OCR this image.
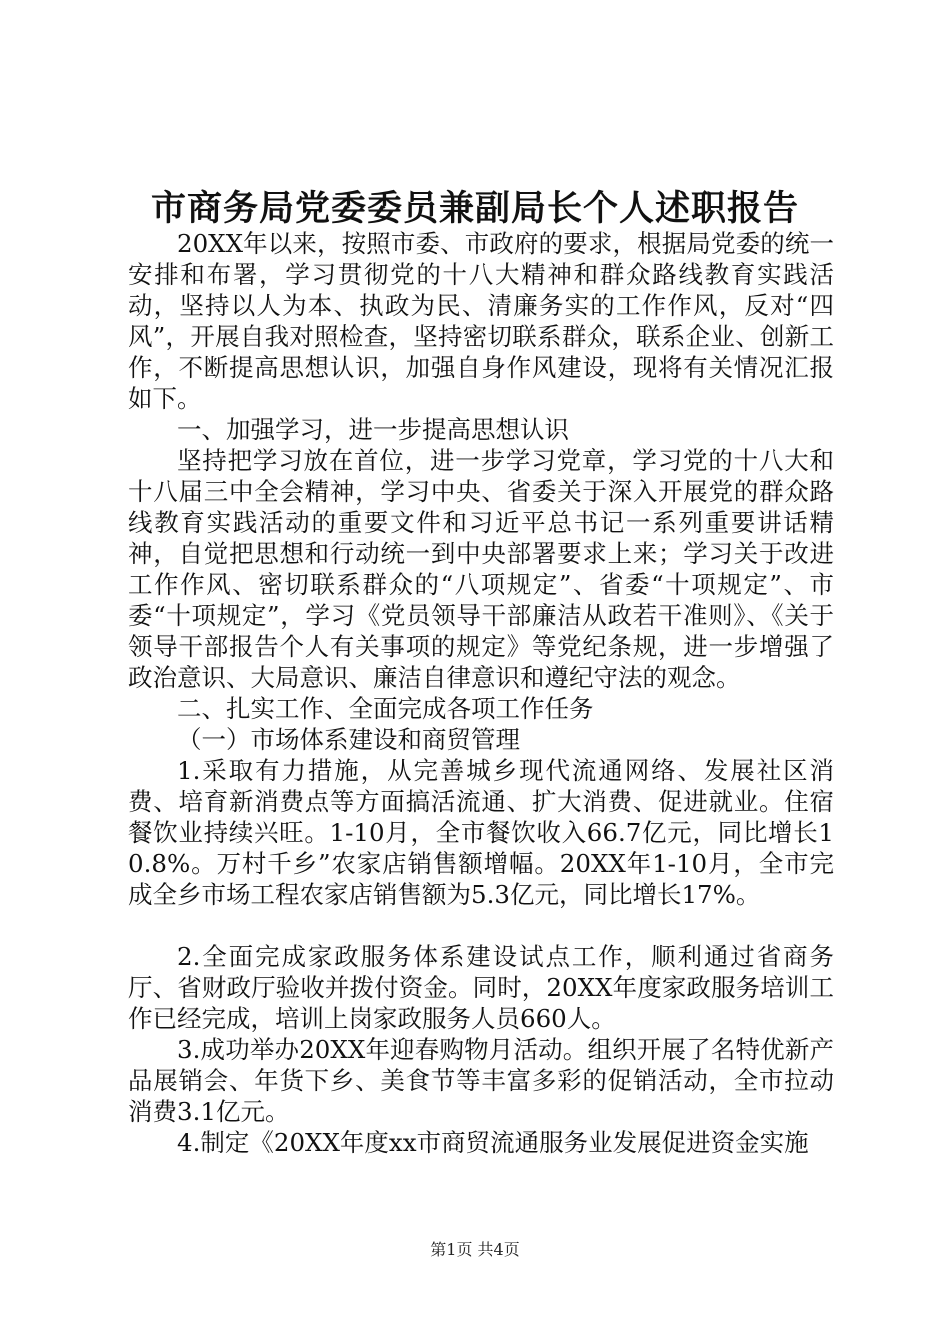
市商务局党委委员兼副局长个人述职报告

20XX年以来，按照市委、市政府的要求，根据局党委的统一安排和布署，学习贯彻党的十八大精神和群众路线教育实践活动，坚持以人为本、执政为民、清廉务实的工作作风，反对“四风”，开展自我对照检查，坚持密切联系群众，联系企业、创新工作，不断提高思想认识，加强自身作风建设，现将有关情况汇报如下。

一、加强学习，进一步提高思想认识

坚持把学习放在首位，进一步学习党章，学习党的十八大和十八届三中全会精神，学习中央、省委关于深入开展党的群众路线教育实践活动的重要文件和习近平总书记一系列重要讲话精神，自觉把思想和行动统一到中央部署要求上来；学习关于改进工作作风、密切联系群众的“八项规定”、省委“十项规定”、市委“十项规定”，学习《党员领导干部廉洁从政若干准则》、《关于领导干部报告个人有关事项的规定》等党纪条规，进一步增强了政治意识、大局意识、廉洁自律意识和遵纪守法的观念。

二、扎实工作、全面完成各项工作任务

（一）市场体系建设和商贸管理

1.采取有力措施，从完善城乡现代流通网络、发展社区消费、培育新消费点等方面搞活流通、扩大消费、促进就业。住宿餐饮业持续兴旺。1-10月，全市餐饮收入66.7亿元，同比增长10.8%。万村千乡”农家店销售额增幅。20XX年1-10月，全市完成全乡市场工程农家店销售额为5.3亿元，同比增长17%。

2.全面完成家政服务体系建设试点工作，顺利通过省商务厅、省财政厅验收并拨付资金。同时，20XX年度家政服务培训工作已经完成，培训上岗家政服务人员660人。

3.成功举办20XX年迎春购物月活动。组织开展了名特优新产品展销会、年货下乡、美食节等丰富多彩的促销活动，全市拉动消费3.1亿元。

4.制定《20XX年度xx市商贸流通服务业发展促进资金实施

第1页 共4页
